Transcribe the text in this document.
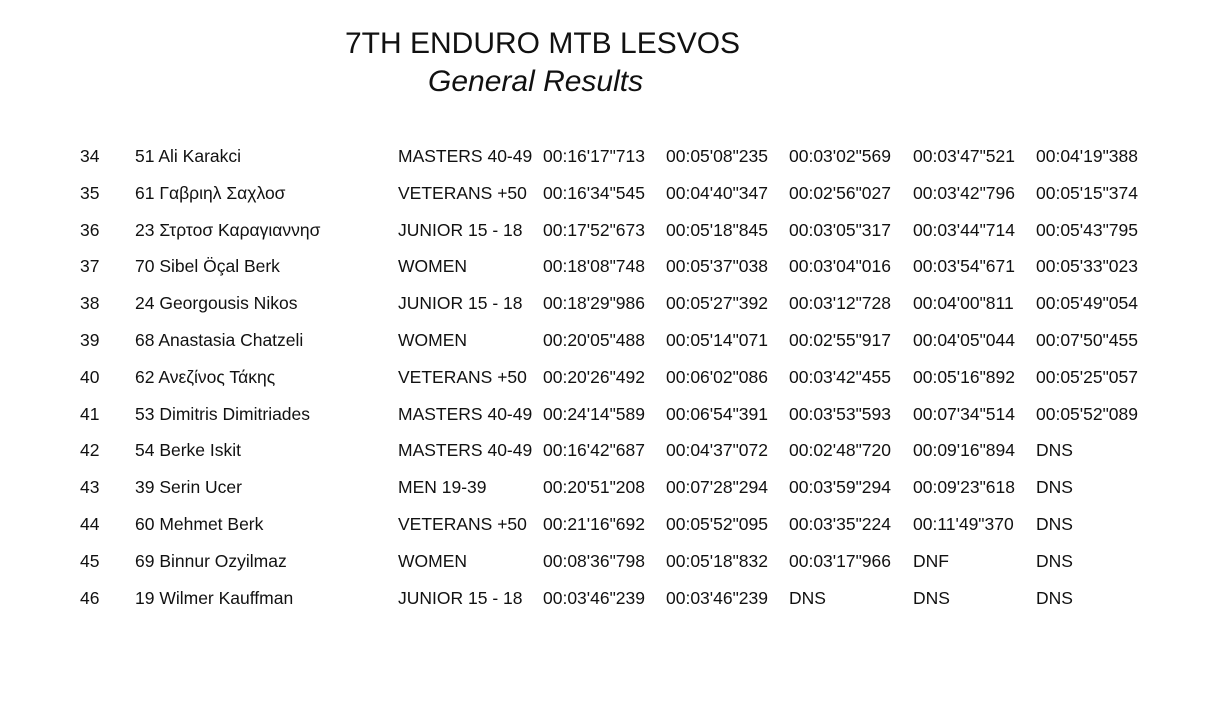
7TH ENDURO MTB LESVOS
General Results
34 51 Ali Karakci	MASTERS 40-49 00:16'17"713 00:05'08"235 00:03'02"569 00:03'47"521 00:04'19"388
35 61 Γαβριηλ Σαχλοσ	VETERANS +50 00:16'34"545 00:04'40"347 00:02'56"027 00:03'42"796 00:05'15"374
36 23 Στρτοσ Καραγιαννησ	JUNIOR 15 - 18 00:17'52"673 00:05'18"845 00:03'05"317 00:03'44"714 00:05'43"795
37 70 Sibel Öçal Berk	WOMEN	00:18'08"748 00:05'37"038 00:03'04"016 00:03'54"671 00:05'33"023
38 24 Georgousis Nikos	JUNIOR 15 - 18 00:18'29"986 00:05'27"392 00:03'12"728 00:04'00"811 00:05'49"054
39 68 Anastasia Chatzeli	WOMEN	00:20'05"488 00:05'14"071 00:02'55"917 00:04'05"044 00:07'50"455
40 62 Ανεζίνος Τάκης	VETERANS +50 00:20'26"492 00:06'02"086 00:03'42"455 00:05'16"892 00:05'25"057
41 53 Dimitris Dimitriades	MASTERS 40-49 00:24'14"589 00:06'54"391 00:03'53"593 00:07'34"514 00:05'52"089
42 54 Berke Iskit	MASTERS 40-49 00:16'42"687 00:04'37"072 00:02'48"720 00:09'16"894 DNS
43 39 Serin Ucer	MEN 19-39	00:20'51"208 00:07'28"294 00:03'59"294 00:09'23"618 DNS
44 60 Mehmet Berk	VETERANS +50 00:21'16"692 00:05'52"095 00:03'35"224 00:11'49"370 DNS
45 69 Binnur Ozyilmaz	WOMEN	00:08'36"798 00:05'18"832 00:03'17"966 DNF	DNS
46 19 Wilmer Kauffman	JUNIOR 15 - 18 00:03'46"239 00:03'46"239 DNS	DNS	DNS
